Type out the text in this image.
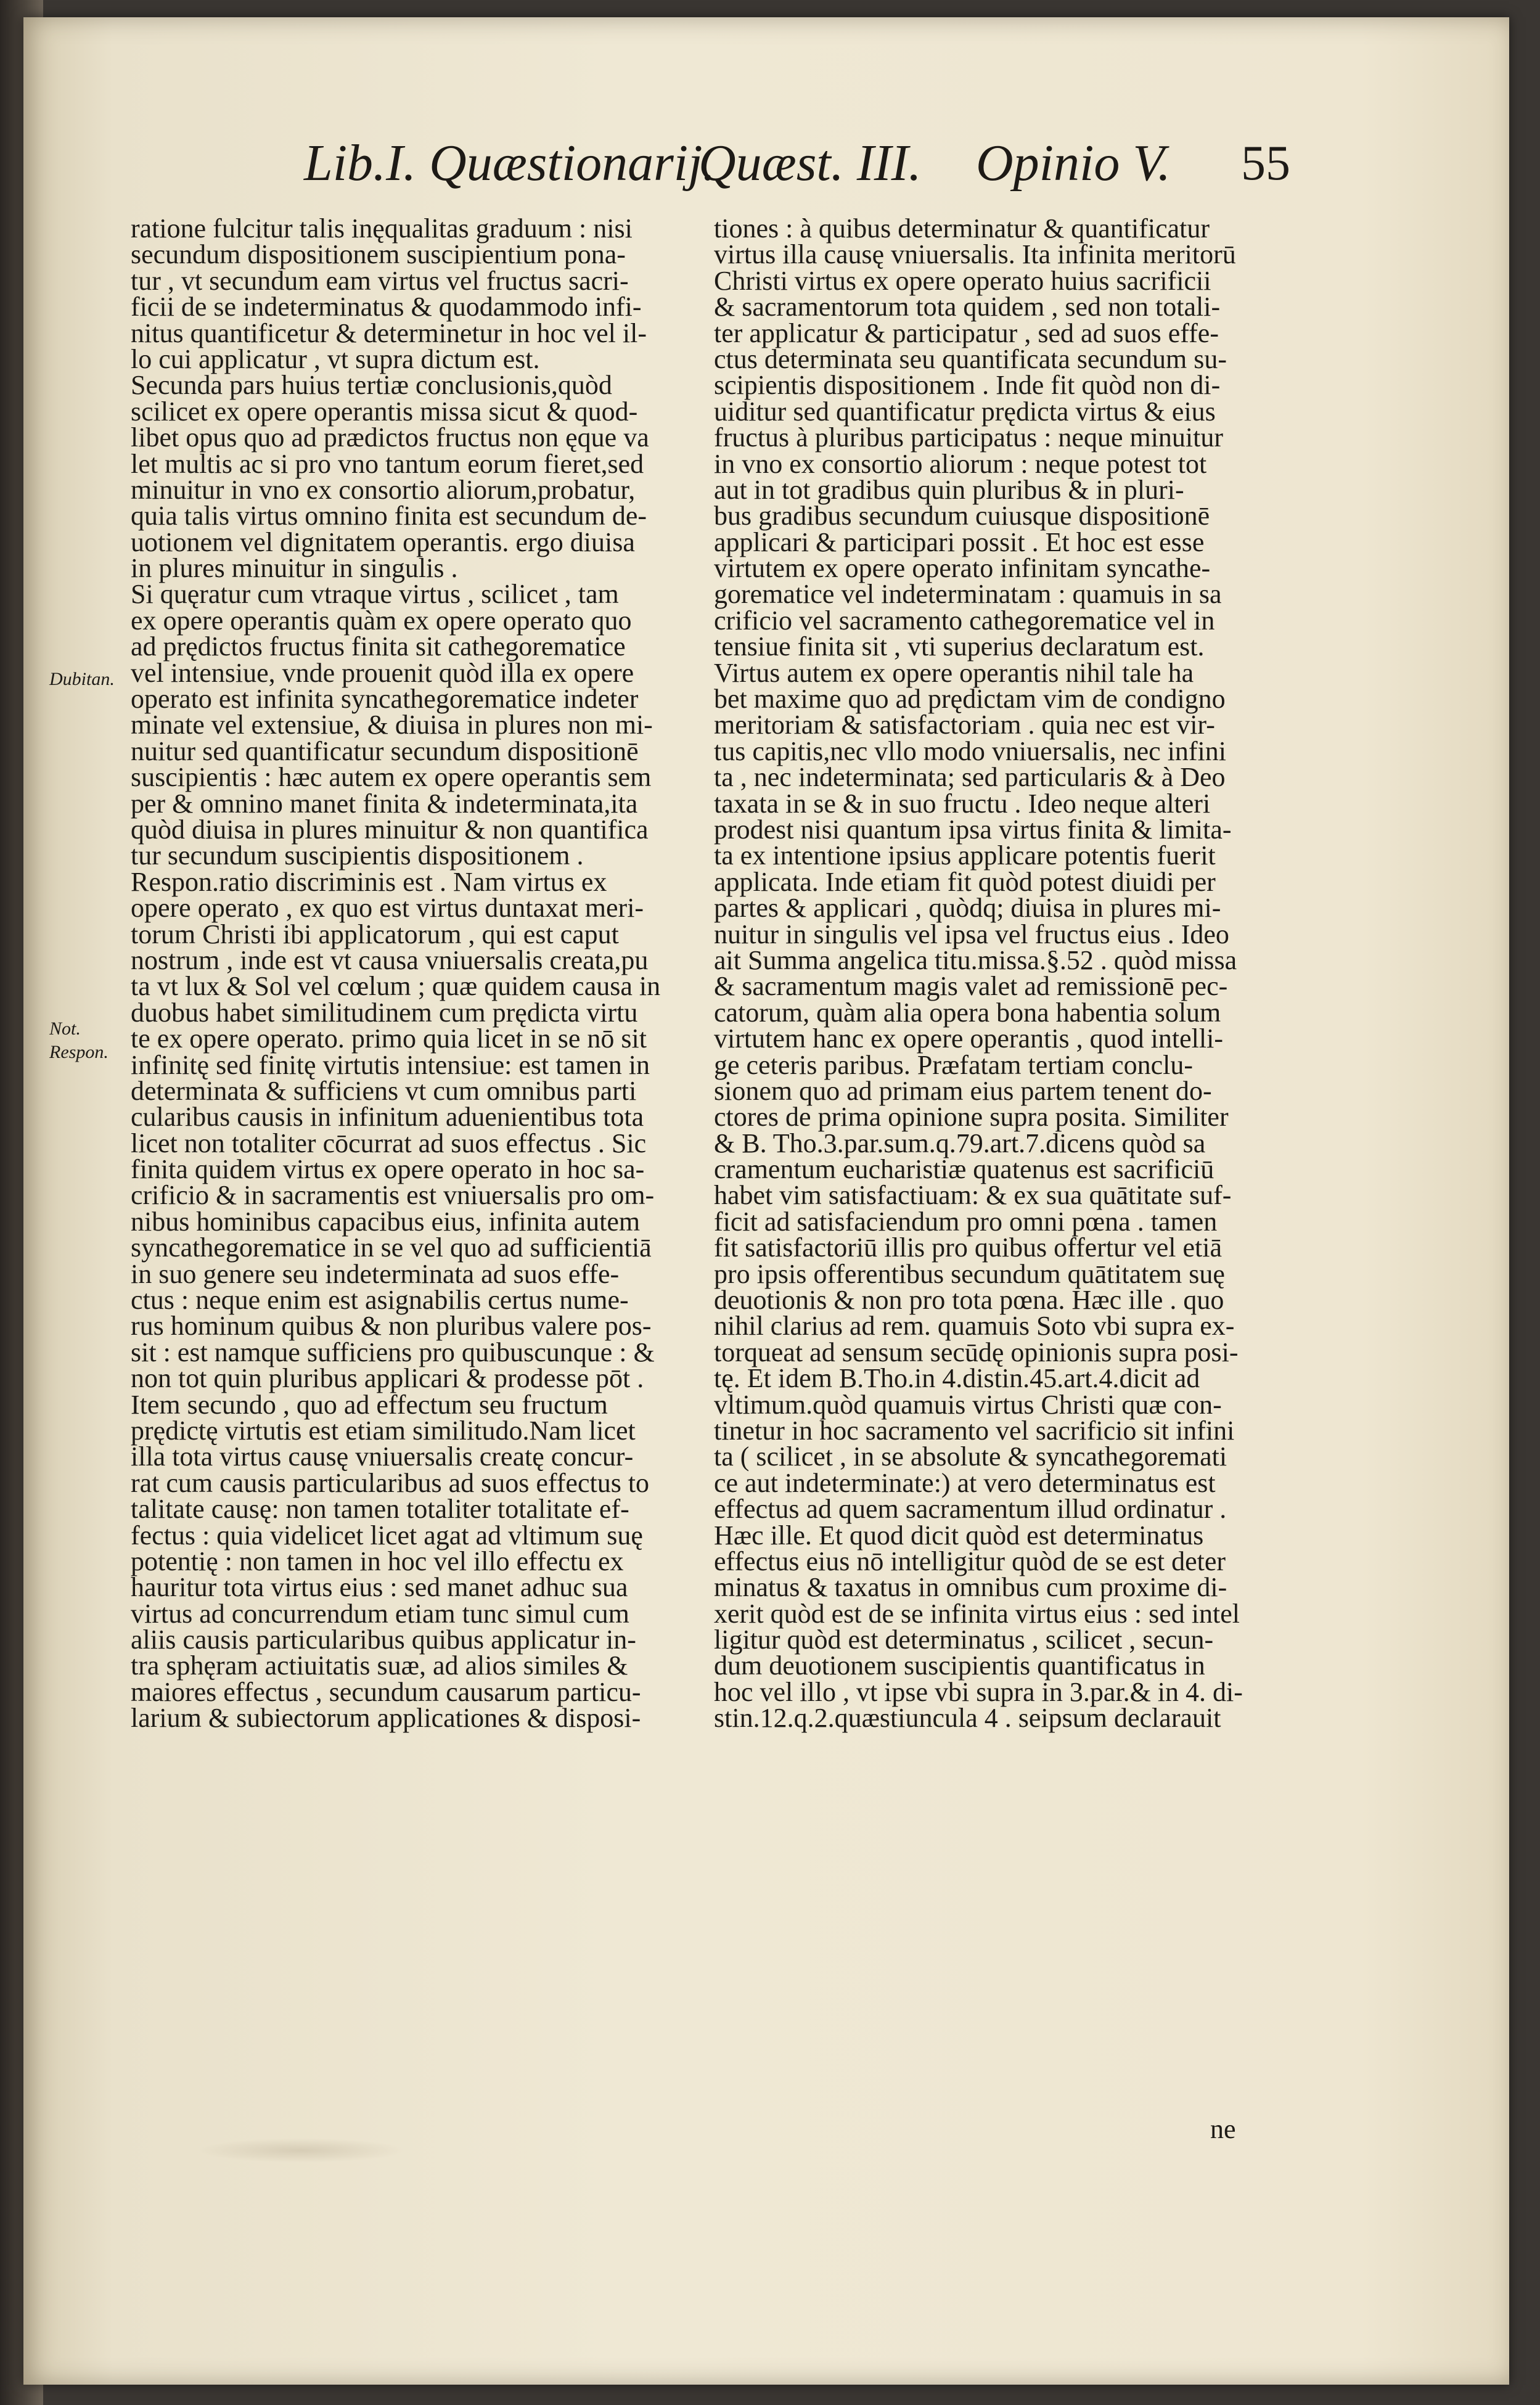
Lib.I. Quæstionarij.
Quæst. III. Opinio V. 55
ratione fulcitur talis inęqualitas graduum : nisi
secundum dispositionem suscipientium pona-
tur , vt secundum eam virtus vel fructus sacri-
ficii de se indeterminatus & quodammodo infi-
nitus quantificetur & determinetur in hoc vel il-
lo cui applicatur , vt supra dictum est.
Secunda pars huius tertiæ conclusionis,quòd
scilicet ex opere operantis missa sicut & quod-
libet opus quo ad prædictos fructus non ęque va
let multis ac si pro vno tantum eorum fieret,sed
minuitur in vno ex consortio aliorum,probatur,
quia talis virtus omnino finita est secundum de-
uotionem vel dignitatem operantis. ergo diuisa
in plures minuitur in singulis .
Si quęratur cum vtraque virtus , scilicet , tam
ex opere operantis quàm ex opere operato quo
ad prędictos fructus finita sit cathegorematice
vel intensiue, vnde prouenit quòd illa ex opere
operato est infinita syncathegorematice indeter
minate vel extensiue, & diuisa in plures non mi-
nuitur sed quantificatur secundum dispositionē
suscipientis : hæc autem ex opere operantis sem
per & omnino manet finita & indeterminata,ita
quòd diuisa in plures minuitur & non quantifica
tur secundum suscipientis dispositionem .
Respon.ratio discriminis est . Nam virtus ex
opere operato , ex quo est virtus duntaxat meri-
torum Christi ibi applicatorum , qui est caput
nostrum , inde est vt causa vniuersalis creata,pu
ta vt lux & Sol vel cœlum ; quæ quidem causa in
duobus habet similitudinem cum prędicta virtu
te ex opere operato. primo quia licet in se nō sit
infinitę sed finitę virtutis intensiue: est tamen in
determinata & sufficiens vt cum omnibus parti
cularibus causis in infinitum aduenientibus tota
licet non totaliter cōcurrat ad suos effectus . Sic
finita quidem virtus ex opere operato in hoc sa-
crificio & in sacramentis est vniuersalis pro om-
nibus hominibus capacibus eius, infinita autem
syncathegorematice in se vel quo ad sufficientiā
in suo genere seu indeterminata ad suos effe-
ctus : neque enim est asignabilis certus nume-
rus hominum quibus & non pluribus valere pos-
sit : est namque sufficiens pro quibuscunque : &
non tot quin pluribus applicari & prodesse pōt .
Item secundo , quo ad effectum seu fructum
prędictę virtutis est etiam similitudo.Nam licet
illa tota virtus causę vniuersalis creatę concur-
rat cum causis particularibus ad suos effectus to
talitate causę: non tamen totaliter totalitate ef-
fectus : quia videlicet licet agat ad vltimum suę
potentię : non tamen in hoc vel illo effectu ex
hauritur tota virtus eius : sed manet adhuc sua
virtus ad concurrendum etiam tunc simul cum
aliis causis particularibus quibus applicatur in-
tra sphęram actiuitatis suæ, ad alios similes &
maiores effectus , secundum causarum particu-
larium & subiectorum applicationes & disposi-
tiones : à quibus determinatur & quantificatur
virtus illa causę vniuersalis. Ita infinita meritorū
Christi virtus ex opere operato huius sacrificii
& sacramentorum tota quidem , sed non totali-
ter applicatur & participatur , sed ad suos effe-
ctus determinata seu quantificata secundum su-
scipientis dispositionem . Inde fit quòd non di-
uiditur sed quantificatur prędicta virtus & eius
fructus à pluribus participatus : neque minuitur
in vno ex consortio aliorum : neque potest tot
aut in tot gradibus quin pluribus & in pluri-
bus gradibus secundum cuiusque dispositionē
applicari & participari possit . Et hoc est esse
virtutem ex opere operato infinitam syncathe-
gorematice vel indeterminatam : quamuis in sa
crificio vel sacramento cathegorematice vel in
tensiue finita sit , vti superius declaratum est.
Virtus autem ex opere operantis nihil tale ha
bet maxime quo ad prędictam vim de condigno
meritoriam & satisfactoriam . quia nec est vir-
tus capitis,nec vllo modo vniuersalis, nec infini
ta , nec indeterminata; sed particularis & à Deo
taxata in se & in suo fructu . Ideo neque alteri
prodest nisi quantum ipsa virtus finita & limita-
ta ex intentione ipsius applicare potentis fuerit
applicata. Inde etiam fit quòd potest diuidi per
partes & applicari , quòdq; diuisa in plures mi-
nuitur in singulis vel ipsa vel fructus eius . Ideo
ait Summa angelica titu.missa.§.52 . quòd missa
& sacramentum magis valet ad remissionē pec-
catorum, quàm alia opera bona habentia solum
virtutem hanc ex opere operantis , quod intelli-
ge ceteris paribus. Præfatam tertiam conclu-
sionem quo ad primam eius partem tenent do-
ctores de prima opinione supra posita. Similiter
& B. Tho.3.par.sum.q.79.art.7.dicens quòd sa
cramentum eucharistiæ quatenus est sacrificiū
habet vim satisfactiuam: & ex sua quātitate suf-
ficit ad satisfaciendum pro omni pœna . tamen
fit satisfactoriū illis pro quibus offertur vel etiā
pro ipsis offerentibus secundum quātitatem suę
deuotionis & non pro tota pœna. Hæc ille . quo
nihil clarius ad rem. quamuis Soto vbi supra ex-
torqueat ad sensum secūdę opinionis supra posi-
tę. Et idem B.Tho.in 4.distin.45.art.4.dicit ad
vltimum.quòd quamuis virtus Christi quæ con-
tinetur in hoc sacramento vel sacrificio sit infini
ta ( scilicet , in se absolute & syncathegoremati
ce aut indeterminate:) at vero determinatus est
effectus ad quem sacramentum illud ordinatur .
Hæc ille. Et quod dicit quòd est determinatus
effectus eius nō intelligitur quòd de se est deter
minatus & taxatus in omnibus cum proxime di-
xerit quòd est de se infinita virtus eius : sed intel
ligitur quòd est determinatus , scilicet , secun-
dum deuotionem suscipientis quantificatus in
hoc vel illo , vt ipse vbi supra in 3.par.& in 4. di-
stin.12.q.2.quæstiuncula 4 . seipsum declarauit
Dubitan.
Not.
Respon.
ne
